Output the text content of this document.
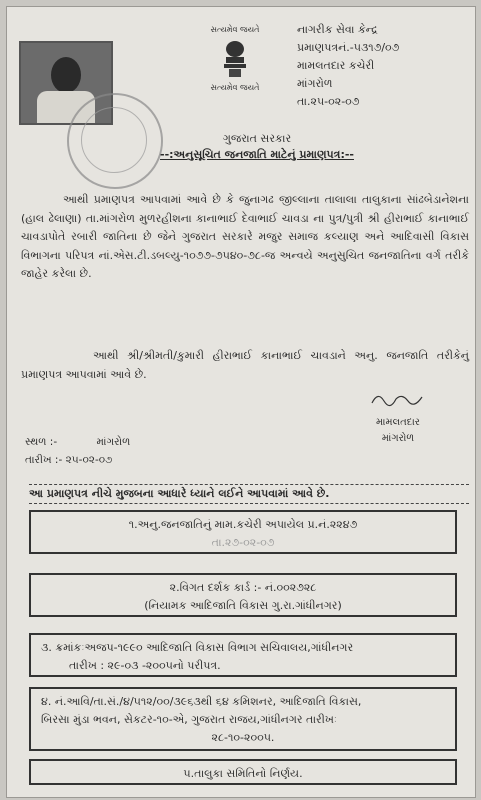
સત્યમેવ જયતે
સત્યમેવ જયતે
નાગરીક સેવા કેન્દ્ર
પ્રમાણપત્રનં.-૫૩૧૭/૦૭
મામલતદાર કચેરી
માંગરોળ
તા.૨૫-૦૨-૦૭
ગુજરાત સરકાર
--:અનુસૂચિત જનજાતિ માટેનું પ્રમાણપત્ર:--
આથી પ્રમાણપત્ર આપવામાં આવે છે કે જુનાગઢ જીલ્લાના તાલાલા તાલુકાના સાંઢબેડાનેશના (હાલ ઢેલાણા) તા.માંગરોળ મુળરહીશના કાનાભાઈ દેવાભાઈ ચાવડા ના પુત્ર/પુત્રી શ્રી હીરાભાઈ કાનાભાઈ ચાવડાપોતે રબારી જાતિના છે જેને ગુજરાત સરકારે મજુર સમાજ કલ્યાણ અને આદિવાસી વિકાસ વિભાગના પરિપત્ર નાં.એસ.ટી.ડબલ્યુ-૧૦૭૭-૭૫૪૦-૭૮-જ અન્વયે અનુસુચિત જનજાતિના વર્ગ તરીકે જાહેર કરેલા છે.
આથી શ્રી/શ્રીમતી/કુમારી હીરાભાઈ કાનાભાઈ ચાવડાને અનુ. જનજાતિ તરીકેનું પ્રમાણપત્ર આપવામાં આવે છે.
મામલતદાર
માંગરોળ
સ્થળ :-	માંગરોળ
તારીખ :- ૨૫-૦૨-૦૭
આ પ્રમાણપત્ર નીચે મુજબના આધારે ધ્યાને લઈને આપવામાં આવે છે.
૧.અનુ.જનજાતિનું મામ.કચેરી અપાયેલ પ્ર.નં.૨૨૪૭
તા.૨૭-૦૨-૦૭
૨.વિગત દર્શક કાર્ડ :- નં.૦૦૨૭૨૮
(નિયામક આદિજાતિ વિકાસ ગુ.રા.ગાંધીનગર)
૩. ક્રમાંકઃઅજપ-૧૯૯૦ આદિજાતિ વિકાસ વિભાગ સચિવાલય,ગાંધીનગર
તારીખ : ૨૯-૦૩ -૨૦૦૫નો પરીપત્ર.
૪. નં.આવિ/તા.સં./૪/૫૧૨/૦૦/૩૯૬૩થી ૬૪ કમિશનર, આદિજાતિ વિકાસ,
બિરસા મુંડા ભવન, સેકટર-૧૦-એ, ગુજરાત રાજય,ગાંધીનગર તારીખઃ
૨૮-૧૦-૨૦૦૫.
૫.તાલુકા સમિતિનો નિર્ણય.
